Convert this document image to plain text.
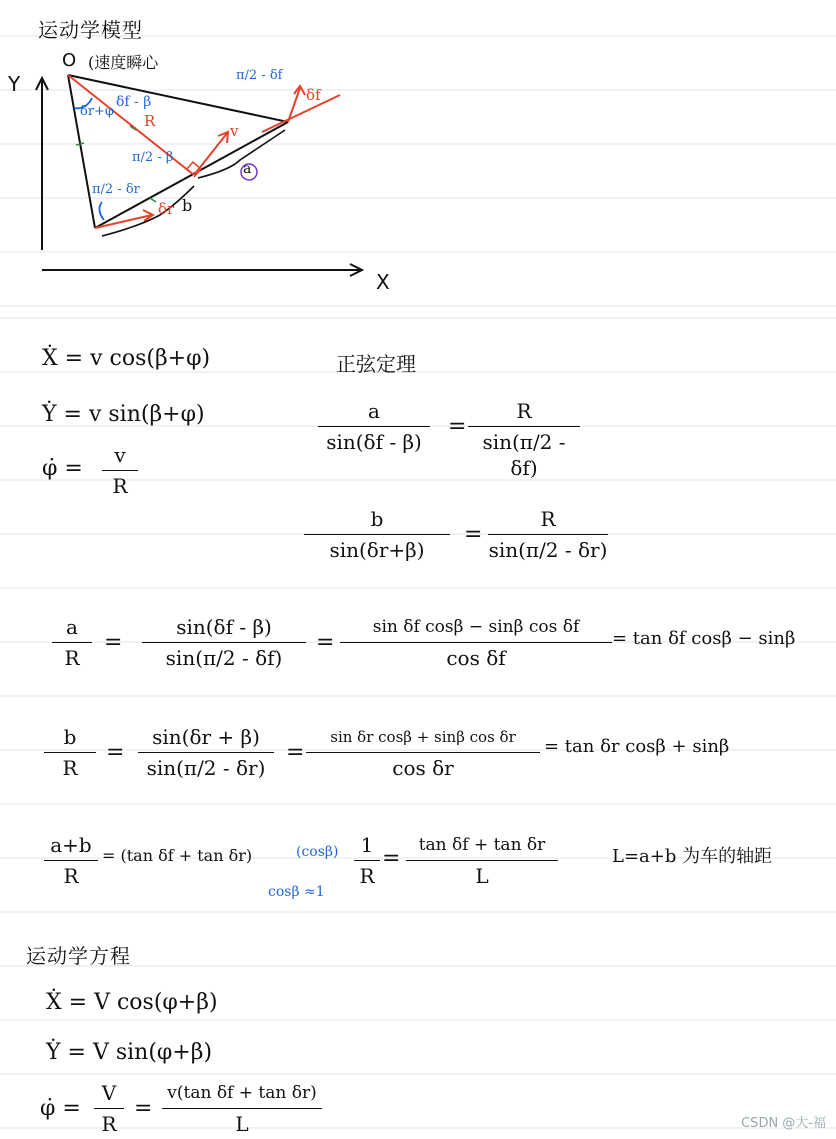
运动学模型
Y
X
O (速度瞬心
δr+φ
δf - β
R
π/2 - β
π/2 - δr
π/2 - δf
v
δf
δr
a
b
Ẋ = v cos(β+φ)
Ẏ = v sin(β+φ)
φ̇ =
v
R
正弦定理
a
sin(δf - β)
=
R
sin(π/2 - δf)
b
sin(δr+β)
=
R
sin(π/2 - δr)
a
R
=
sin(δf - β)
sin(π/2 - δf)
=
sin δf cosβ − sinβ cos δf
cos δf
= tan δf cosβ − sinβ
b
R
=
sin(δr + β)
sin(π/2 - δr)
=
sin δr cosβ + sinβ cos δr
cos δr
= tan δr cosβ + sinβ
a+b
R
= (tan δf + tan δr)	(cosβ)
cosβ ≈1
1
R
=
tan δf + tan δr
L
L=a+b 为车的轴距
运动学方程
Ẋ = V cos(φ+β)
Ẏ = V sin(φ+β)
φ̇ =
V
R
=
v(tan δf + tan δr)
L	CSDN @大-福
